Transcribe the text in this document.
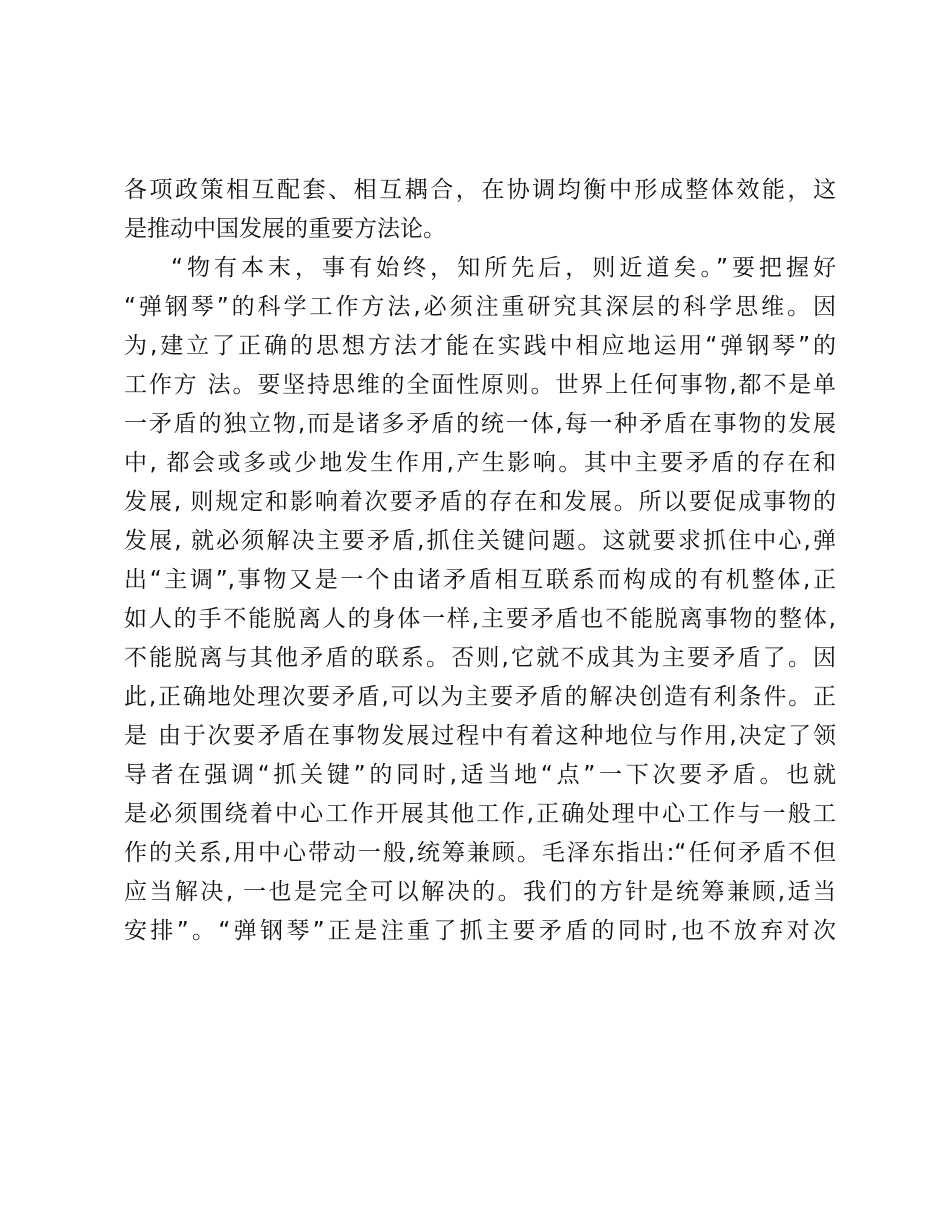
各项政策相互配套、相互耦合，在协调均衡中形成整体效能，这
是推动中国发展的重要方法论。
“物有本末，事有始终，知所先后，则近道矣。”要把握好
“弹钢琴”的科学工作方法,必须注重研究其深层的科学思维。因
为,建立了正确的思想方法才能在实践中相应地运用“弹钢琴”的
工作方 法。要坚持思维的全面性原则。世界上任何事物,都不是单
一矛盾的独立物,而是诸多矛盾的统一体,每一种矛盾在事物的发展
中, 都会或多或少地发生作用,产生影响。其中主要矛盾的存在和
发展, 则规定和影响着次要矛盾的存在和发展。所以要促成事物的
发展, 就必须解决主要矛盾,抓住关键问题。这就要求抓住中心,弹
出“主调”,事物又是一个由诸矛盾相互联系而构成的有机整体,正
如人的手不能脱离人的身体一样,主要矛盾也不能脱离事物的整体,
不能脱离与其他矛盾的联系。否则,它就不成其为主要矛盾了。因
此,正确地处理次要矛盾,可以为主要矛盾的解决创造有利条件。正
是 由于次要矛盾在事物发展过程中有着这种地位与作用,决定了领
导者在强调“抓关键”的同时,适当地“点”一下次要矛盾。也就
是必须围绕着中心工作开展其他工作,正确处理中心工作与一般工
作的关系,用中心带动一般,统筹兼顾。毛泽东指出:“任何矛盾不但
应当解决, 一也是完全可以解决的。我们的方针是统筹兼顾,适当
安排”。“弹钢琴”正是注重了抓主要矛盾的同时,也不放弃对次
